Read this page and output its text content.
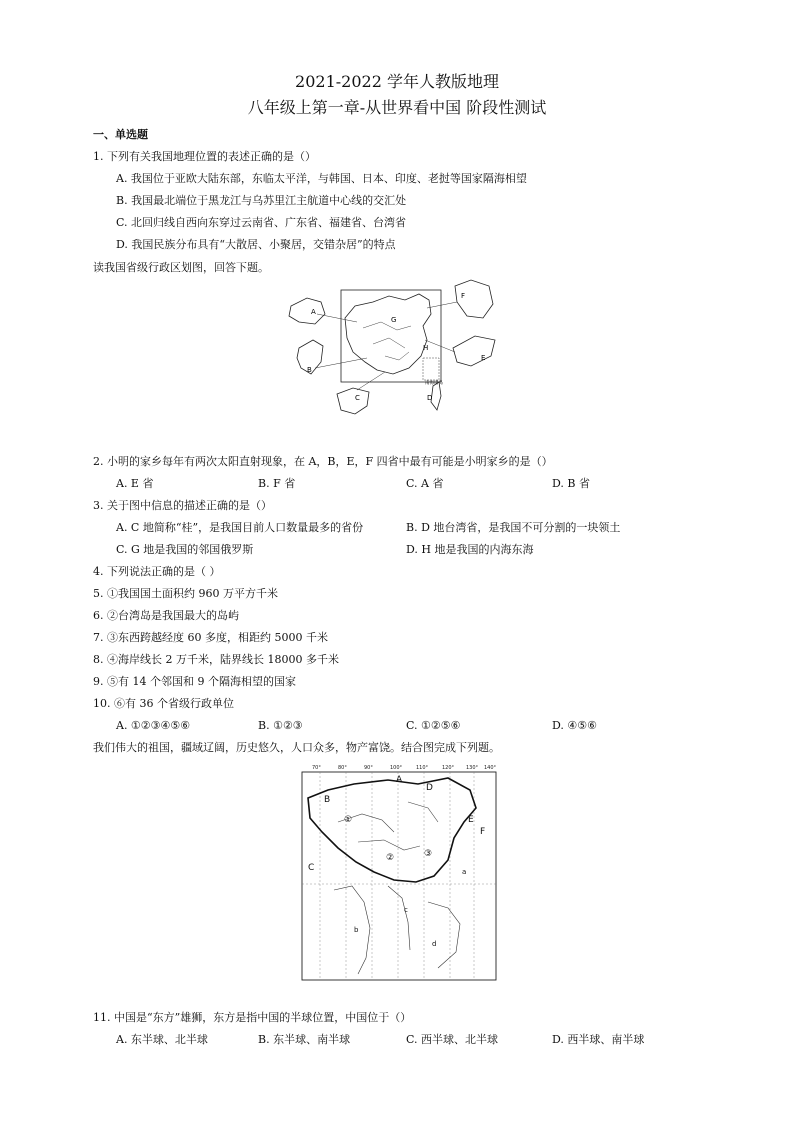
2021-2022 学年人教版地理
八年级上第一章-从世界看中国 阶段性测试
一、单选题
1. 下列有关我国地理位置的表述正确的是（）
A. 我国位于亚欧大陆东部，东临太平洋，与韩国、日本、印度、老挝等国家隔海相望
B. 我国最北端位于黑龙江与乌苏里江主航道中心线的交汇处
C. 北回归线自西向东穿过云南省、广东省、福建省、台湾省
D. 我国民族分布具有“大散居、小聚居，交错杂居”的特点
读我国省级行政区划图，回答下题。
南海诸岛
A
B
C	D
E
F
G
H
2. 小明的家乡每年有两次太阳直射现象，在 A，B，E，F 四省中最有可能是小明家乡的是（）
A. E 省	B. F 省	C. A 省	D. B 省
3. 关于图中信息的描述正确的是（）
A. C 地简称“桂”，是我国目前人口数量最多的省份	B. D 地台湾省，是我国不可分割的一块领土
C. G 地是我国的邻国俄罗斯	D. H 地是我国的内海东海
4. 下列说法正确的是（ ）
5. ①我国国土面积约 960 万平方千米
6. ②台湾岛是我国最大的岛屿
7. ③东西跨越经度 60 多度，相距约 5000 千米
8. ④海岸线长 2 万千米，陆界线长 18000 多千米
9. ⑤有 14 个邻国和 9 个隔海相望的国家
10. ⑥有 36 个省级行政单位
A. ①②③④⑤⑥	B. ①②③	C. ①②⑤⑥	D. ④⑤⑥
我们伟大的祖国，疆域辽阔，历史悠久，人口众多，物产富饶。结合图完成下列题。
70°	80°	90°	100°	110°	120° 130° 140°
A
B
C
D
E
F
①
②	③
a
b
c
d
11. 中国是“东方”雄狮，东方是指中国的半球位置，中国位于（）
A. 东半球、北半球	B. 东半球、南半球	C. 西半球、北半球	D. 西半球、南半球
